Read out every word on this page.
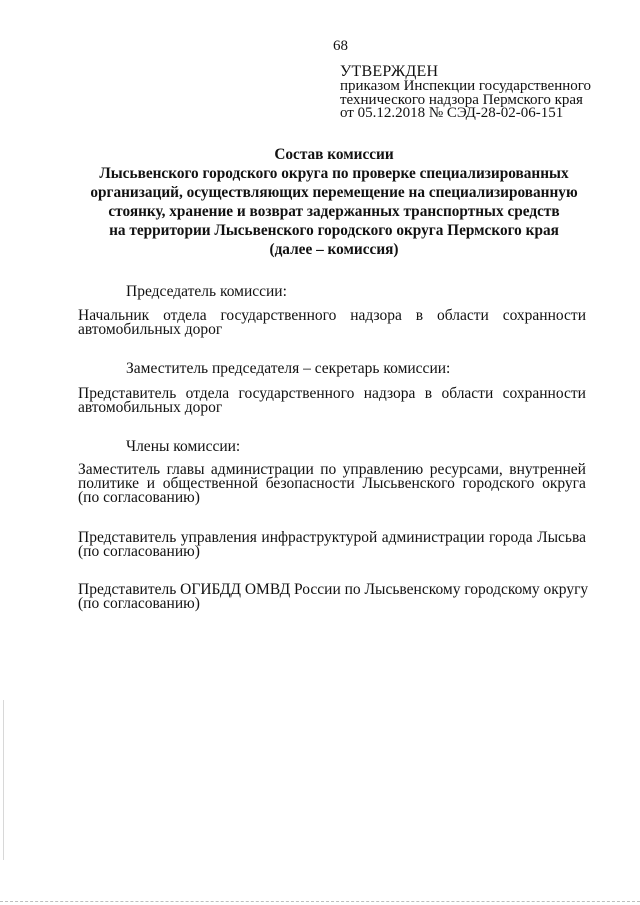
68
УТВЕРЖДЕН
приказом Инспекции государственного
технического надзора Пермского края
от 05.12.2018 № СЭД-28-02-06-151
Состав комиссии
Лысьвенского городского округа по проверке специализированных
организаций, осуществляющих перемещение на специализированную
стоянку, хранение и возврат задержанных транспортных средств
на территории Лысьвенского городского округа Пермского края
(далее – комиссия)
Председатель комиссии:
Начальник отдела государственного надзора в области сохранности
автомобильных дорог
Заместитель председателя – секретарь комиссии:
Представитель отдела государственного надзора в области сохранности
автомобильных дорог
Члены комиссии:
Заместитель главы администрации по управлению ресурсами, внутренней
политике и общественной безопасности Лысьвенского городского округа
(по согласованию)
Представитель управления инфраструктурой администрации города Лысьва
(по согласованию)
Представитель ОГИБДД ОМВД России по Лысьвенскому городскому округу
(по согласованию)
